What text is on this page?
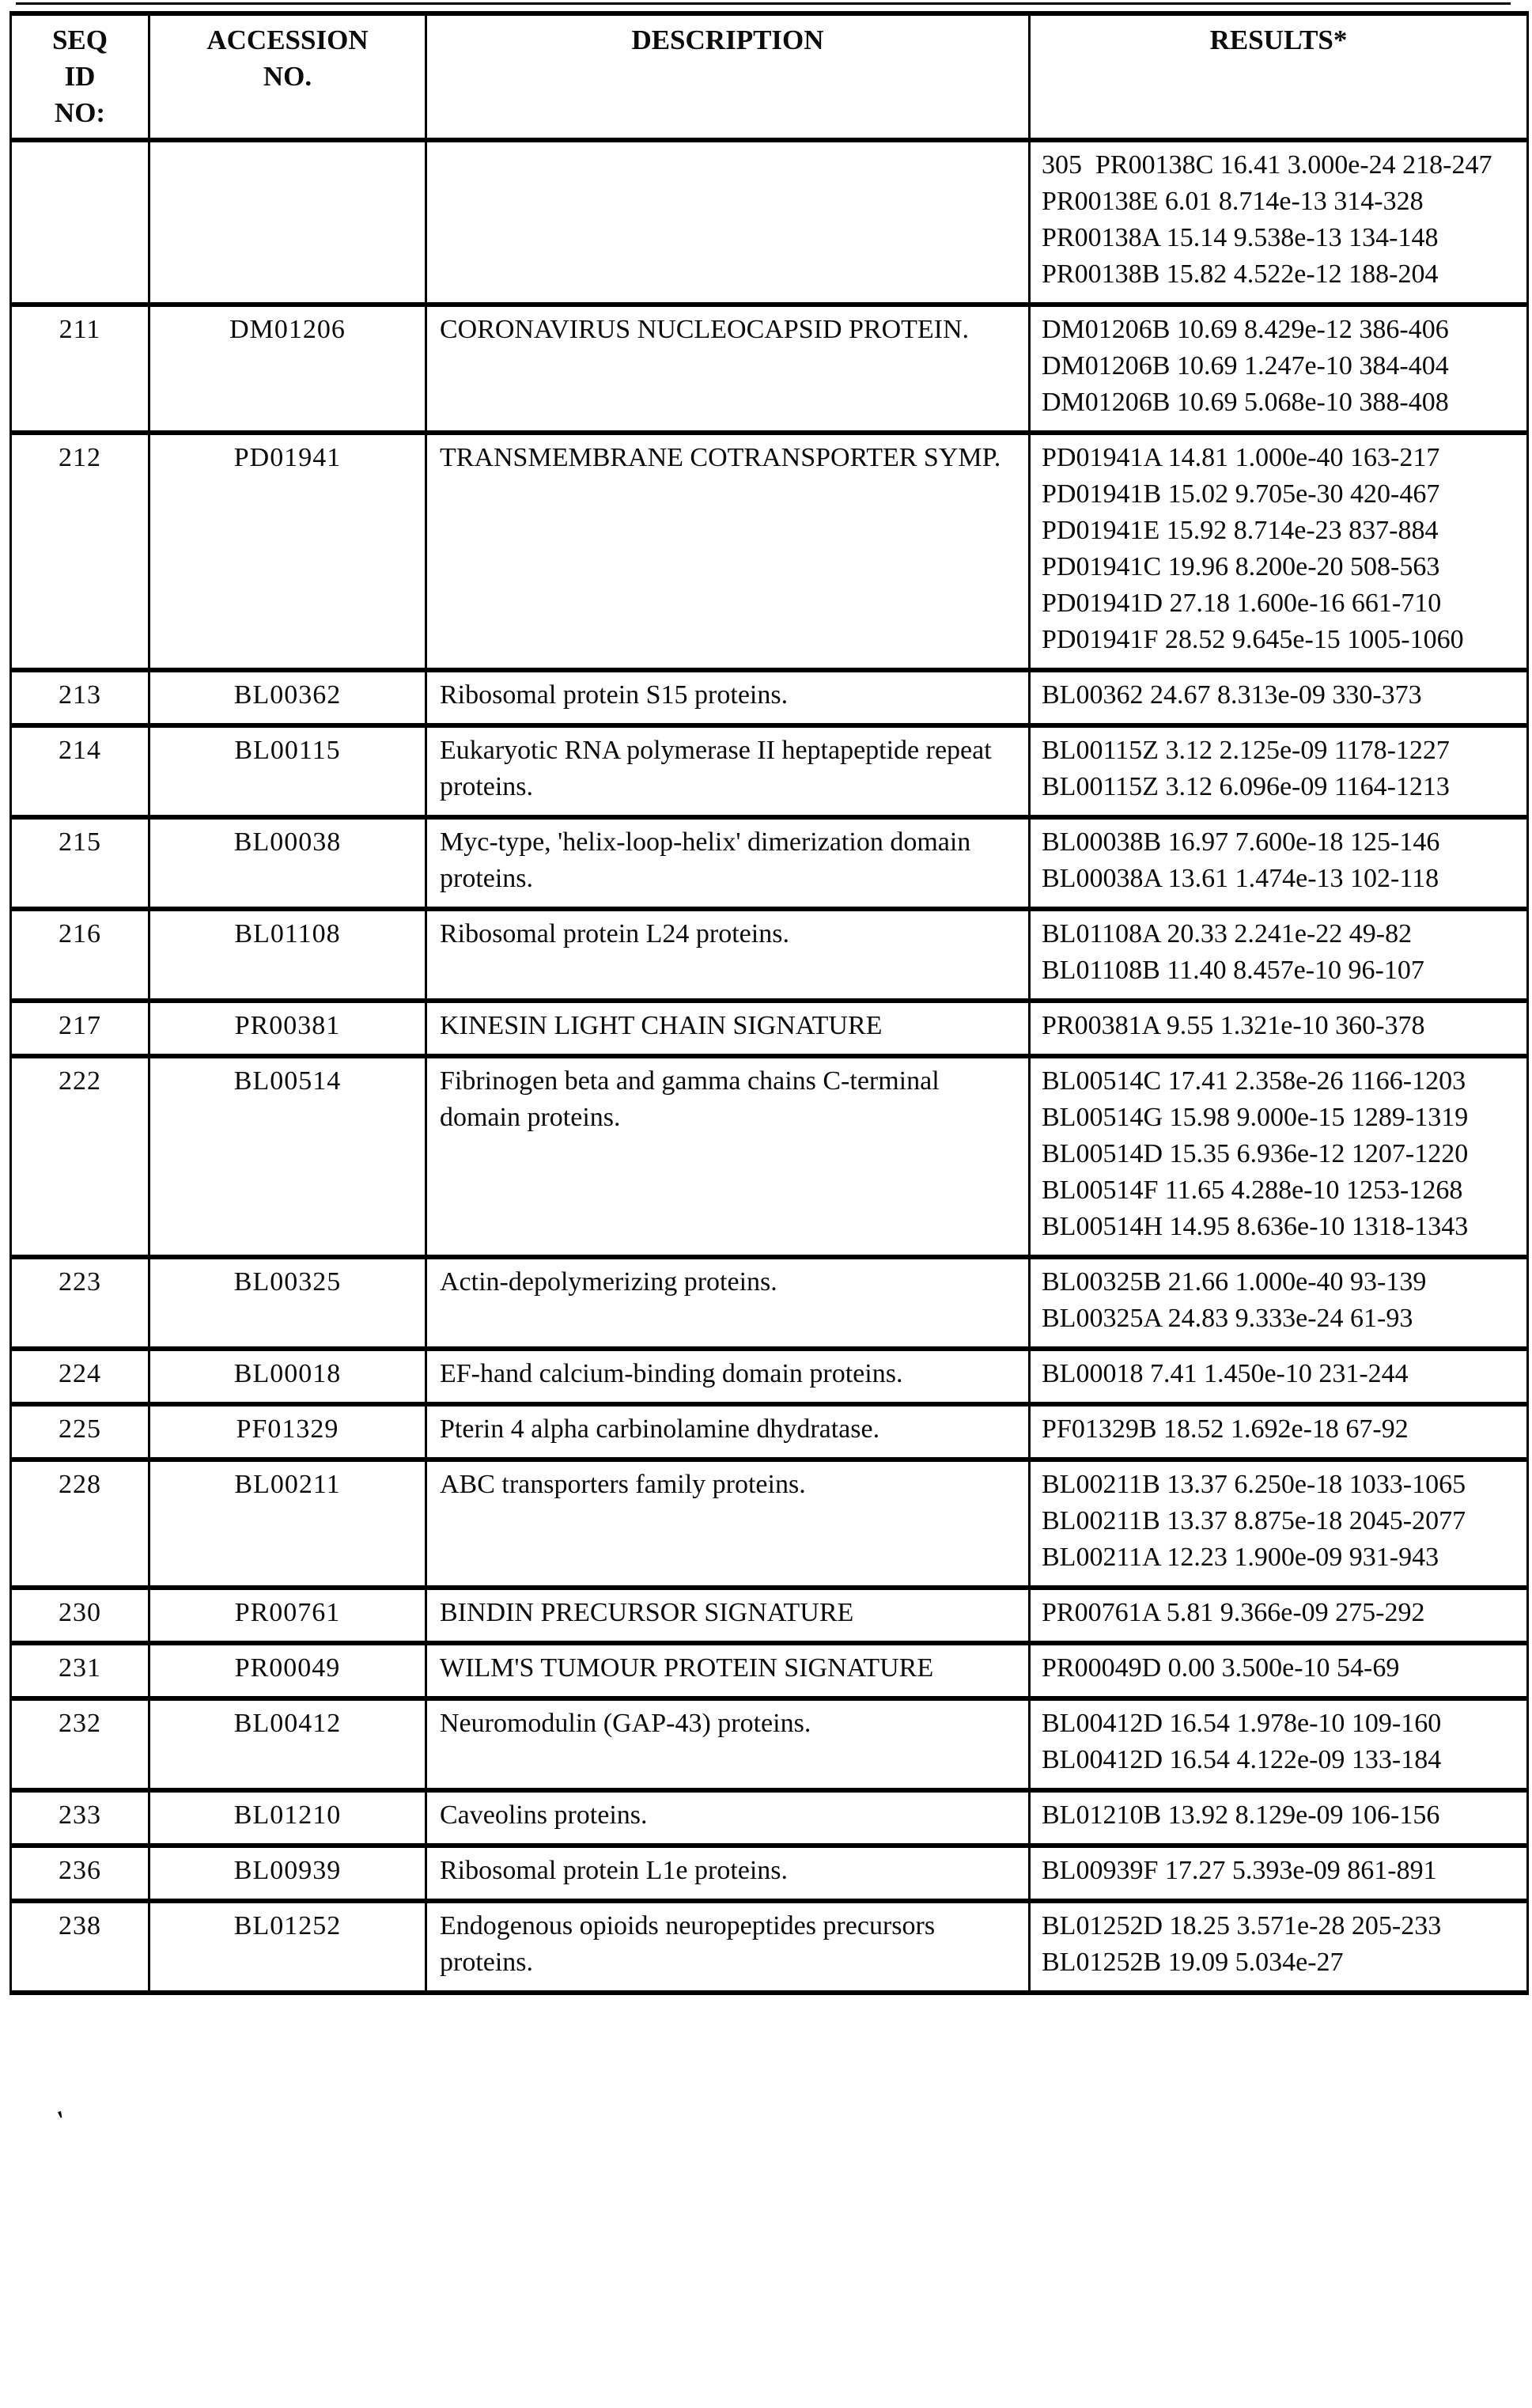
SEQ
ID
NO:	ACCESSION
NO.	DESCRIPTION	RESULTS*
			305  PR00138C 16.41 3.000e-24 218-247  PR00138E 6.01 8.714e-13 314-328  PR00138A 15.14 9.538e-13 134-148  PR00138B 15.82 4.522e-12 188-204
211	DM01206	CORONAVIRUS NUCLEOCAPSID PROTEIN.	DM01206B 10.69 8.429e-12 386-406  DM01206B 10.69 1.247e-10 384-404  DM01206B 10.69 5.068e-10 388-408
212	PD01941	TRANSMEMBRANE COTRANSPORTER SYMP.	PD01941A 14.81 1.000e-40 163-217  PD01941B 15.02 9.705e-30 420-467  PD01941E 15.92 8.714e-23 837-884  PD01941C 19.96 8.200e-20 508-563  PD01941D 27.18 1.600e-16 661-710  PD01941F 28.52 9.645e-15 1005-1060
213	BL00362	Ribosomal protein S15 proteins.	BL00362 24.67 8.313e-09 330-373
214	BL00115	Eukaryotic RNA polymerase II heptapeptide repeat proteins.	BL00115Z 3.12 2.125e-09 1178-1227  BL00115Z 3.12 6.096e-09 1164-1213
215	BL00038	Myc-type, 'helix-loop-helix' dimerization domain proteins.	BL00038B 16.97 7.600e-18 125-146  BL00038A 13.61 1.474e-13 102-118
216	BL01108	Ribosomal protein L24 proteins.	BL01108A 20.33 2.241e-22 49-82 BL01108B 11.40 8.457e-10 96-107
217	PR00381	KINESIN LIGHT CHAIN SIGNATURE	PR00381A 9.55 1.321e-10 360-378
222	BL00514	Fibrinogen beta and gamma chains C-terminal domain proteins.	BL00514C 17.41 2.358e-26 1166-1203  BL00514G 15.98 9.000e-15 1289-1319  BL00514D 15.35 6.936e-12 1207-1220  BL00514F 11.65 4.288e-10 1253-1268  BL00514H 14.95 8.636e-10 1318-1343
223	BL00325	Actin-depolymerizing proteins.	BL00325B 21.66 1.000e-40 93-139  BL00325A 24.83 9.333e-24 61-93
224	BL00018	EF-hand calcium-binding domain proteins.	BL00018 7.41 1.450e-10 231-244
225	PF01329	Pterin 4 alpha carbinolamine dhydratase.	PF01329B 18.52 1.692e-18 67-92
228	BL00211	ABC transporters family proteins.	BL00211B 13.37 6.250e-18 1033-1065  BL00211B 13.37 8.875e-18 2045-2077  BL00211A 12.23 1.900e-09 931-943
230	PR00761	BINDIN PRECURSOR SIGNATURE	PR00761A 5.81 9.366e-09 275-292
231	PR00049	WILM'S TUMOUR PROTEIN SIGNATURE	PR00049D 0.00 3.500e-10 54-69
232	BL00412	Neuromodulin (GAP-43) proteins.	BL00412D 16.54 1.978e-10 109-160  BL00412D 16.54 4.122e-09 133-184
233	BL01210	Caveolins proteins.	BL01210B 13.92 8.129e-09 106-156
236	BL00939	Ribosomal protein L1e proteins.	BL00939F 17.27 5.393e-09 861-891
238	BL01252	Endogenous opioids neuropeptides precursors proteins.	BL01252D 18.25 3.571e-28 205-233  BL01252B 19.09 5.034e-27
'
